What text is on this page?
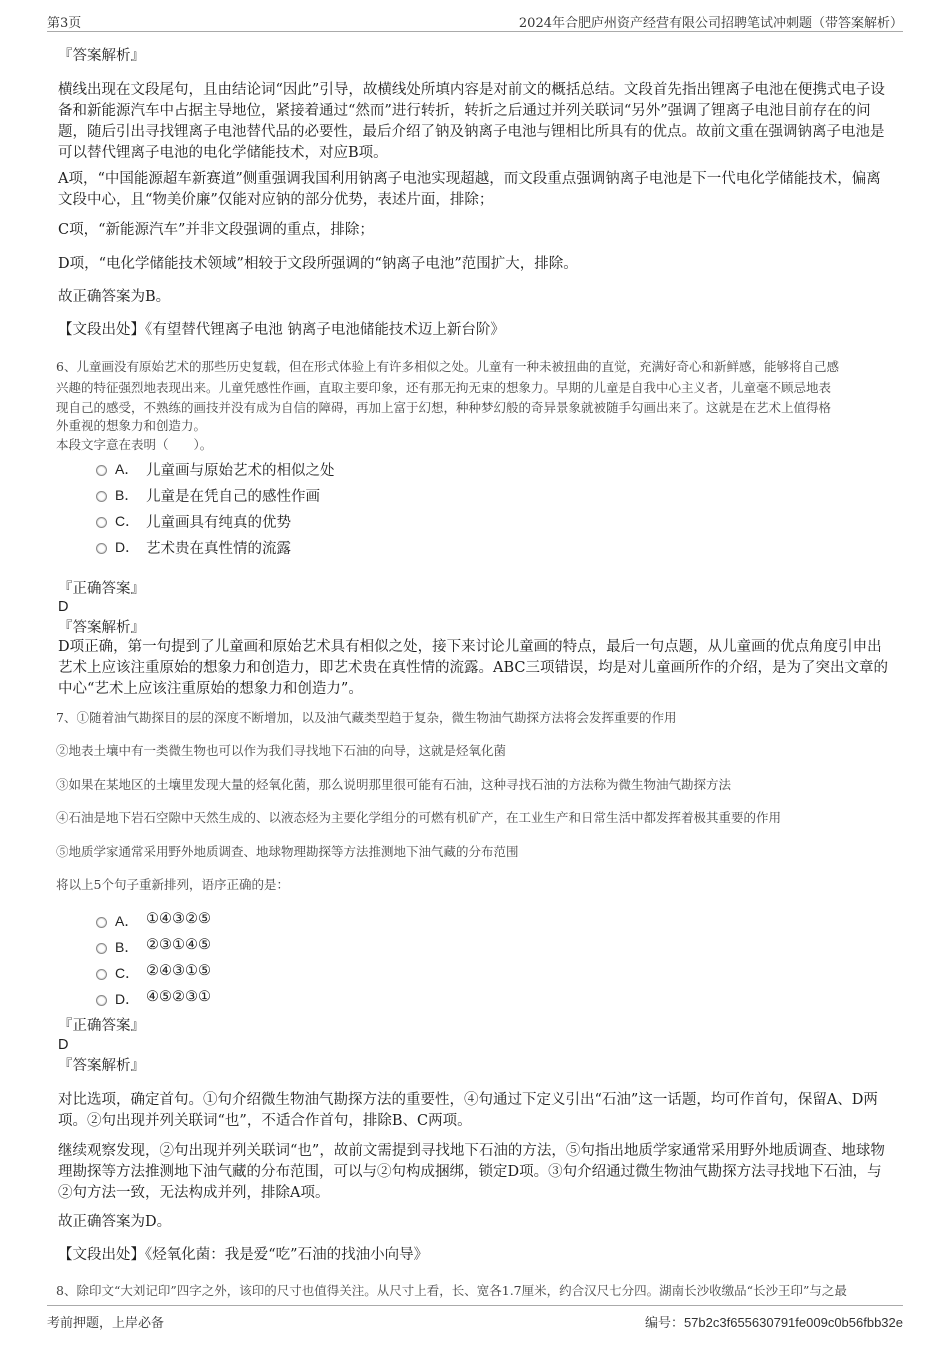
第3页	2024年合肥庐州资产经营有限公司招聘笔试冲刺题（带答案解析）
『答案解析』
横线出现在文段尾句，且由结论词“因此”引导，故横线处所填内容是对前文的概括总结。文段首先指出锂离子电池在便携式电子设备和新能源汽车中占据主导地位，紧接着通过“然而”进行转折，转折之后通过并列关联词“另外”强调了锂离子电池目前存在的问题，随后引出寻找锂离子电池替代品的必要性，最后介绍了钠及钠离子电池与锂相比所具有的优点。故前文重在强调钠离子电池是可以替代锂离子电池的电化学储能技术，对应B项。
A项，“中国能源超车新赛道”侧重强调我国利用钠离子电池实现超越，而文段重点强调钠离子电池是下一代电化学储能技术，偏离文段中心，且“物美价廉”仅能对应钠的部分优势，表述片面，排除；
C项，“新能源汽车”并非文段强调的重点，排除；
D项，“电化学储能技术领域”相较于文段所强调的“钠离子电池”范围扩大，排除。
故正确答案为B。
【文段出处】《有望替代锂离子电池 钠离子电池储能技术迈上新台阶》
6、儿童画没有原始艺术的那些历史复载，但在形式体验上有许多相似之处。儿童有一种未被扭曲的直觉，充满好奇心和新鲜感，能够将自己感
兴趣的特征强烈地表现出来。儿童凭感性作画，直取主要印象，还有那无拘无束的想象力。早期的儿童是自我中心主义者，儿童毫不顾忌地表
现自己的感受，不熟练的画技并没有成为自信的障碍，再加上富于幻想，种种梦幻般的奇异景象就被随手勾画出来了。这就是在艺术上值得格
外重视的想象力和创造力。
本段文字意在表明（　　）。
A． 儿童画与原始艺术的相似之处
B． 儿童是在凭自己的感性作画
C． 儿童画具有纯真的优势
D． 艺术贵在真性情的流露
『正确答案』
D
『答案解析』
D项正确，第一句提到了儿童画和原始艺术具有相似之处，接下来讨论儿童画的特点，最后一句点题，从儿童画的优点角度引申出艺术上应该注重原始的想象力和创造力，即艺术贵在真性情的流露。ABC三项错误，均是对儿童画所作的介绍，是为了突出文章的中心“艺术上应该注重原始的想象力和创造力”。
7、①随着油气勘探目的层的深度不断增加，以及油气藏类型趋于复杂，微生物油气勘探方法将会发挥重要的作用
②地表土壤中有一类微生物也可以作为我们寻找地下石油的向导，这就是烃氧化菌
③如果在某地区的土壤里发现大量的烃氧化菌，那么说明那里很可能有石油，这种寻找石油的方法称为微生物油气勘探方法
④石油是地下岩石空隙中天然生成的、以液态烃为主要化学组分的可燃有机矿产，在工业生产和日常生活中都发挥着极其重要的作用
⑤地质学家通常采用野外地质调查、地球物理勘探等方法推测地下油气藏的分布范围
将以上5个句子重新排列，语序正确的是：
A． ①④③②⑤
B． ②③①④⑤
C． ②④③①⑤
D． ④⑤②③①
『正确答案』
D
『答案解析』
对比选项，确定首句。①句介绍微生物油气勘探方法的重要性，④句通过下定义引出“石油”这一话题，均可作首句，保留A、D两项。②句出现并列关联词“也”，不适合作首句，排除B、C两项。
继续观察发现，②句出现并列关联词“也”，故前文需提到寻找地下石油的方法，⑤句指出地质学家通常采用野外地质调查、地球物理勘探等方法推测地下油气藏的分布范围，可以与②句构成捆绑，锁定D项。③句介绍通过微生物油气勘探方法寻找地下石油，与②句方法一致，无法构成并列，排除A项。
故正确答案为D。
【文段出处】《烃氧化菌：我是爱“吃”石油的找油小向导》
8、除印文“大刘记印”四字之外，该印的尺寸也值得关注。从尺寸上看，长、宽各1.7厘米，约合汉尺七分四。湖南长沙收缴品“长沙王印”与之最
考前押题，上岸必备	编号：57b2c3f655630791fe009c0b56fbb32e
